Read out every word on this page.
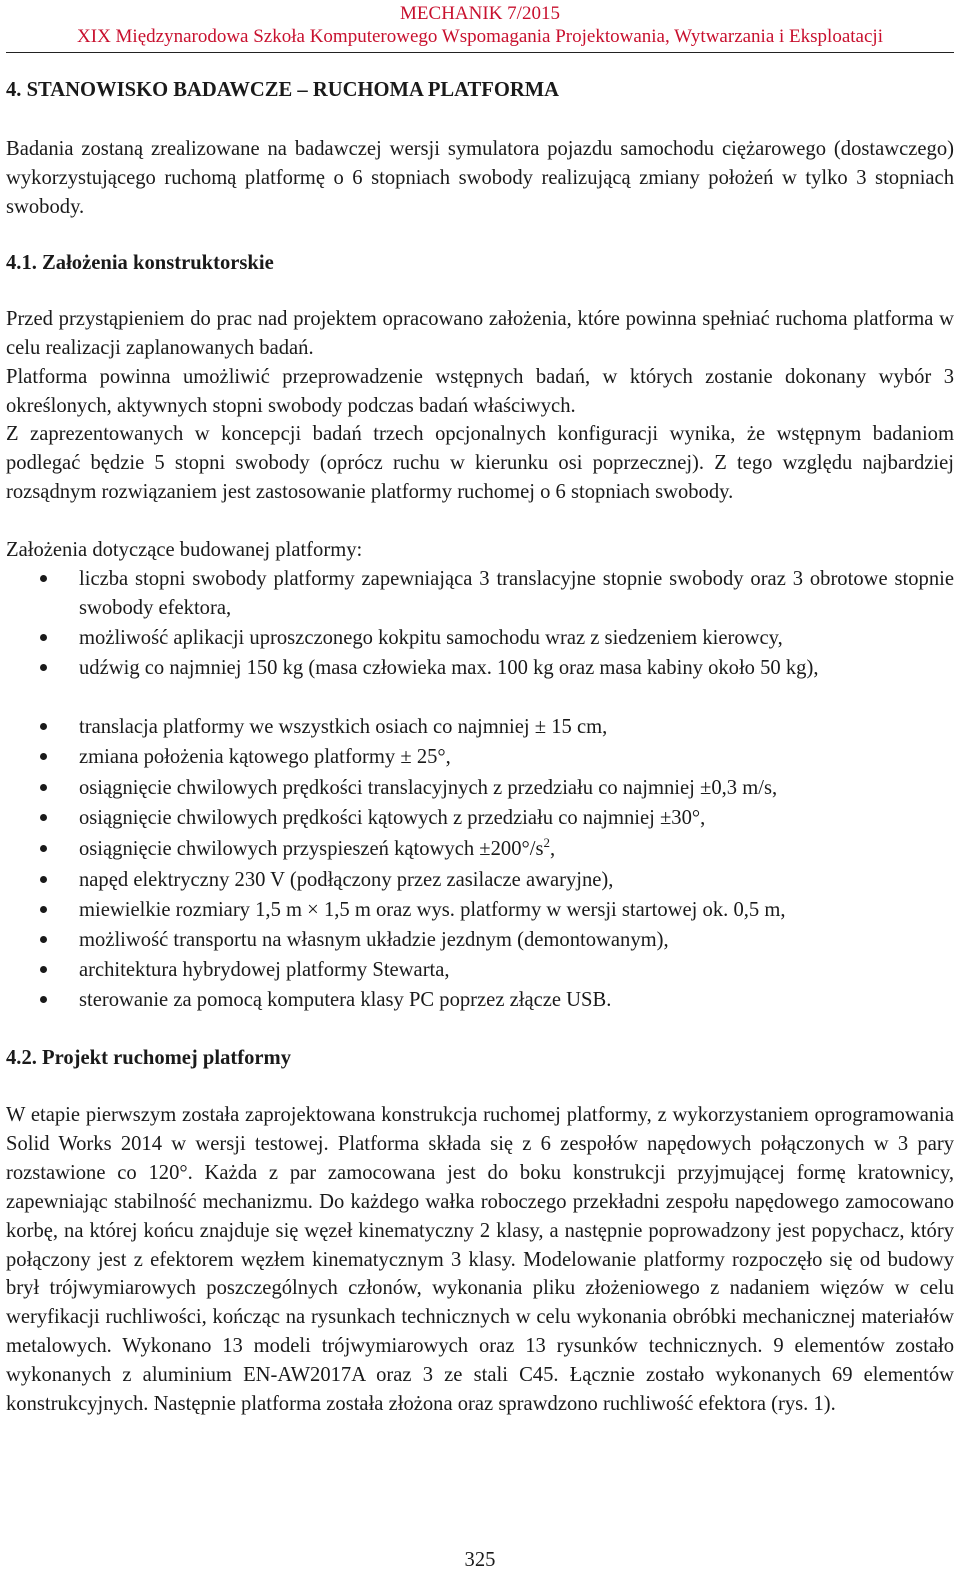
MECHANIK 7/2015
XIX Międzynarodowa Szkoła Komputerowego Wspomagania Projektowania, Wytwarzania i Eksploatacji
4. STANOWISKO BADAWCZE – RUCHOMA PLATFORMA
Badania zostaną zrealizowane na badawczej wersji symulatora pojazdu samochodu ciężarowego (dostawczego) wykorzystującego ruchomą platformę o 6 stopniach swobody realizującą zmiany położeń w tylko 3 stopniach swobody.
4.1. Założenia konstruktorskie
Przed przystąpieniem do prac nad projektem opracowano założenia, które powinna spełniać ruchoma platforma w celu realizacji zaplanowanych badań.
Platforma powinna umożliwić przeprowadzenie wstępnych badań, w których zostanie dokonany wybór 3 określonych, aktywnych stopni swobody podczas badań właściwych.
Z zaprezentowanych w koncepcji badań trzech opcjonalnych konfiguracji wynika, że wstępnym badaniom podlegać będzie 5 stopni swobody (oprócz ruchu w kierunku osi poprzecznej). Z tego względu najbardziej rozsądnym rozwiązaniem jest zastosowanie platformy ruchomej o 6 stopniach swobody.
Założenia dotyczące budowanej platformy:
liczba stopni swobody platformy zapewniająca 3 translacyjne stopnie swobody oraz 3 obrotowe stopnie swobody efektora,
możliwość aplikacji uproszczonego kokpitu samochodu wraz z siedzeniem kierowcy,
udźwig co najmniej 150 kg (masa człowieka max. 100 kg oraz masa kabiny około 50 kg),
translacja platformy we wszystkich osiach co najmniej ± 15 cm,
zmiana położenia kątowego platformy ± 25°,
osiągnięcie chwilowych prędkości translacyjnych z przedziału co najmniej ±0,3 m/s,
osiągnięcie chwilowych prędkości kątowych z przedziału co najmniej ±30°,
osiągnięcie chwilowych przyspieszeń kątowych $\pm 200^\circ/s^2$,
napęd elektryczny 230 V (podłączony przez zasilacze awaryjne),
miewielkie rozmiary 1,5 m × 1,5 m oraz wys. platformy w wersji startowej ok. 0,5 m,
możliwość transportu na własnym układzie jezdnym (demontowanym),
architektura hybrydowej platformy Stewarta,
sterowanie za pomocą komputera klasy PC poprzez złącze USB.
4.2. Projekt ruchomej platformy
W etapie pierwszym została zaprojektowana konstrukcja ruchomej platformy, z wykorzystaniem oprogramowania Solid Works 2014 w wersji testowej. Platforma składa się z 6 zespołów napędowych połączonych w 3 pary rozstawione co 120°. Każda z par zamocowana jest do boku konstrukcji przyjmującej formę kratownicy, zapewniając stabilność mechanizmu. Do każdego wałka roboczego przekładni zespołu napędowego zamocowano korbę, na której końcu znajduje się węzeł kinematyczny 2 klasy, a następnie poprowadzony jest popychacz, który połączony jest z efektorem węzłem kinematycznym 3 klasy. Modelowanie platformy rozpoczęło się od budowy brył trójwymiarowych poszczególnych członów, wykonania pliku złożeniowego z nadaniem więzów w celu weryfikacji ruchliwości, kończąc na rysunkach technicznych w celu wykonania obróbki mechanicznej materiałów metalowych. Wykonano 13 modeli trójwymiarowych oraz 13 rysunków technicznych. 9 elementów zostało wykonanych z aluminium EN-AW2017A oraz 3 ze stali C45. Łącznie zostało wykonanych 69 elementów konstrukcyjnych. Następnie platforma została złożona oraz sprawdzono ruchliwość efektora (rys. 1).
325
